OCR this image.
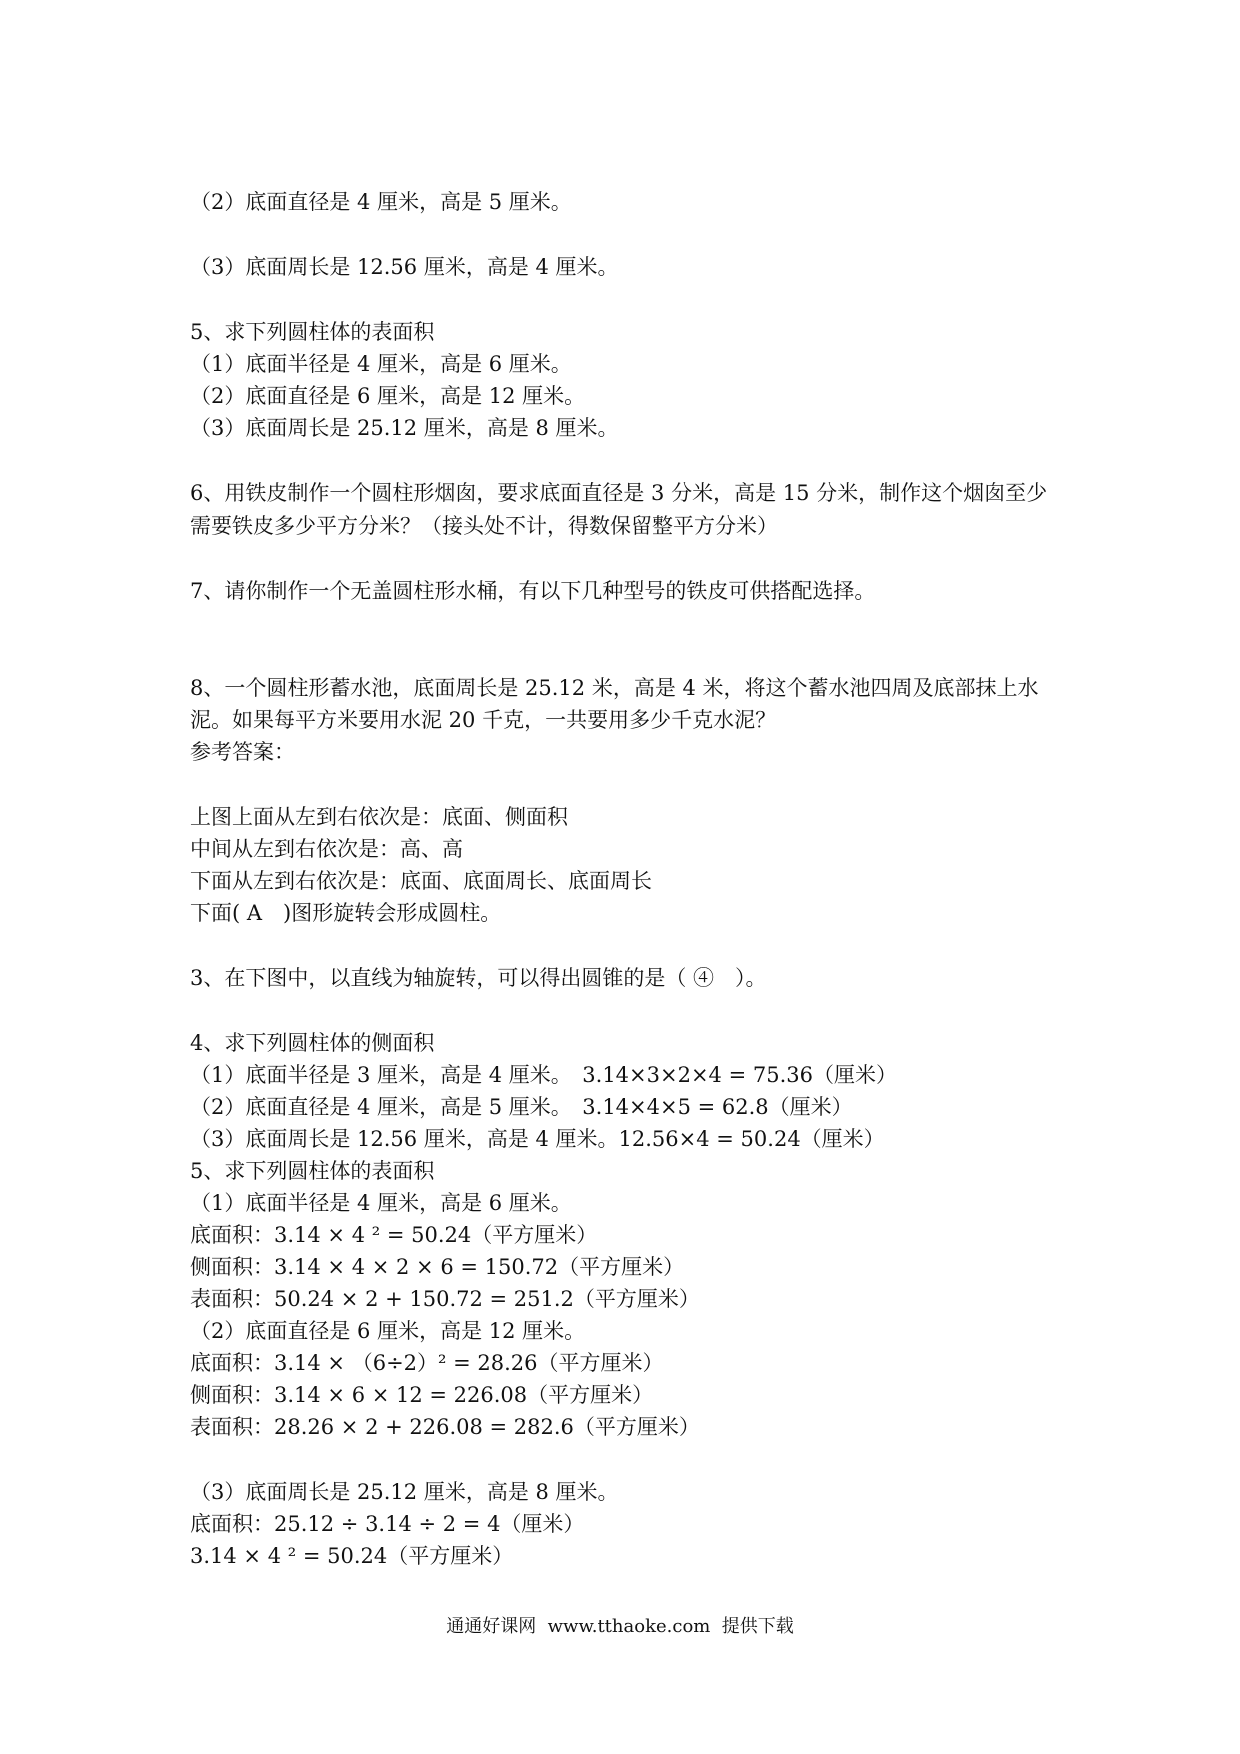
（2）底面直径是 4 厘米，高是 5 厘米。
（3）底面周长是 12.56 厘米，高是 4 厘米。
5、求下列圆柱体的表面积
（1）底面半径是 4 厘米，高是 6 厘米。
（2）底面直径是 6 厘米，高是 12 厘米。
（3）底面周长是 25.12 厘米，高是 8 厘米。
6、用铁皮制作一个圆柱形烟囱，要求底面直径是 3 分米，高是 15 分米，制作这个烟囱至少
需要铁皮多少平方分米？（接头处不计，得数保留整平方分米）
7、请你制作一个无盖圆柱形水桶，有以下几种型号的铁皮可供搭配选择。
8、一个圆柱形蓄水池，底面周长是 25.12 米，高是 4 米，将这个蓄水池四周及底部抹上水
泥。如果每平方米要用水泥 20 千克，一共要用多少千克水泥？
参考答案：
上图上面从左到右依次是：底面、侧面积
中间从左到右依次是：高、高
下面从左到右依次是：底面、底面周长、底面周长
下面( A　)图形旋转会形成圆柱。
3、在下图中，以直线为轴旋转，可以得出圆锥的是（ ④　）。
4、求下列圆柱体的侧面积
（1）底面半径是 3 厘米，高是 4 厘米。　3.14×3×2×4 = 75.36（厘米）
（2）底面直径是 4 厘米，高是 5 厘米。　3.14×4×5 = 62.8（厘米）
（3）底面周长是 12.56 厘米，高是 4 厘米。12.56×4 = 50.24（厘米）
5、求下列圆柱体的表面积
（1）底面半径是 4 厘米，高是 6 厘米。
底面积：3.14 × 4 ² = 50.24（平方厘米）
侧面积：3.14 × 4 × 2 × 6 = 150.72（平方厘米）
表面积：50.24 × 2 + 150.72 = 251.2（平方厘米）
（2）底面直径是 6 厘米，高是 12 厘米。
底面积：3.14 × （6÷2）² = 28.26（平方厘米）
侧面积：3.14 × 6 × 12 = 226.08（平方厘米）
表面积：28.26 × 2 + 226.08 = 282.6（平方厘米）
（3）底面周长是 25.12 厘米，高是 8 厘米。
底面积：25.12 ÷ 3.14 ÷ 2 = 4（厘米）
3.14 × 4 ² = 50.24（平方厘米）
通通好课网  www.tthaoke.com  提供下载
